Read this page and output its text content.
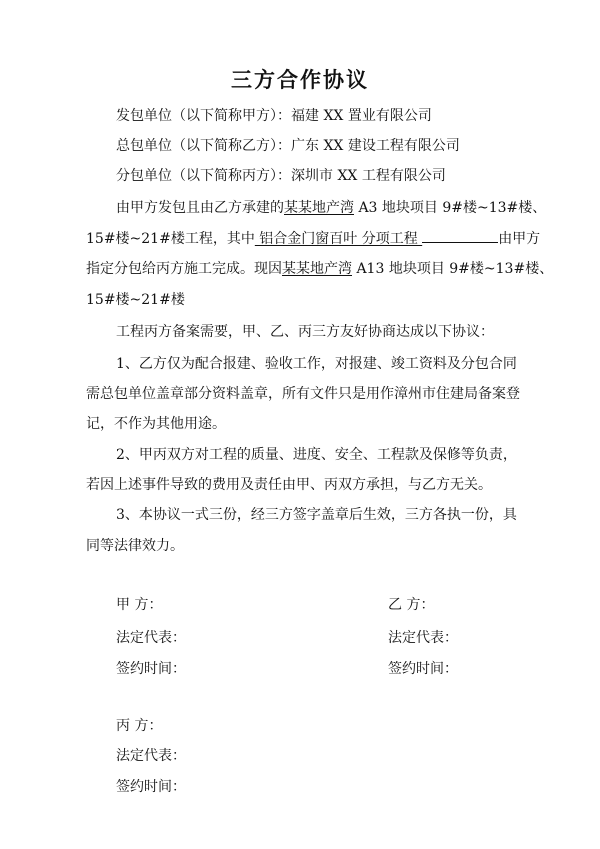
三方合作协议
发包单位（以下简称甲方）：福建 XX 置业有限公司
总包单位（以下简称乙方）：广东 XX 建设工程有限公司
分包单位（以下简称丙方）：深圳市 XX 工程有限公司
由甲方发包且由乙方承建的某某地产湾 A3 地块项目 9#楼~13#楼、
15#楼~21#楼工程，其中 铝合金门窗百叶 分项工程	由甲方
指定分包给丙方施工完成。现因某某地产湾 A13 地块项目 9#楼~13#楼、
15#楼~21#楼
工程丙方备案需要，甲、乙、丙三方友好协商达成以下协议：
1、乙方仅为配合报建、验收工作，对报建、竣工资料及分包合同
需总包单位盖章部分资料盖章，所有文件只是用作漳州市住建局备案登
记，不作为其他用途。
2、甲丙双方对工程的质量、进度、安全、工程款及保修等负责，
若因上述事件导致的费用及责任由甲、丙双方承担，与乙方无关。
3、本协议一式三份，经三方签字盖章后生效，三方各执一份，具
同等法律效力。
甲 方：
法定代表：
签约时间：
乙 方：
法定代表：
签约时间：
丙 方：
法定代表：
签约时间：
